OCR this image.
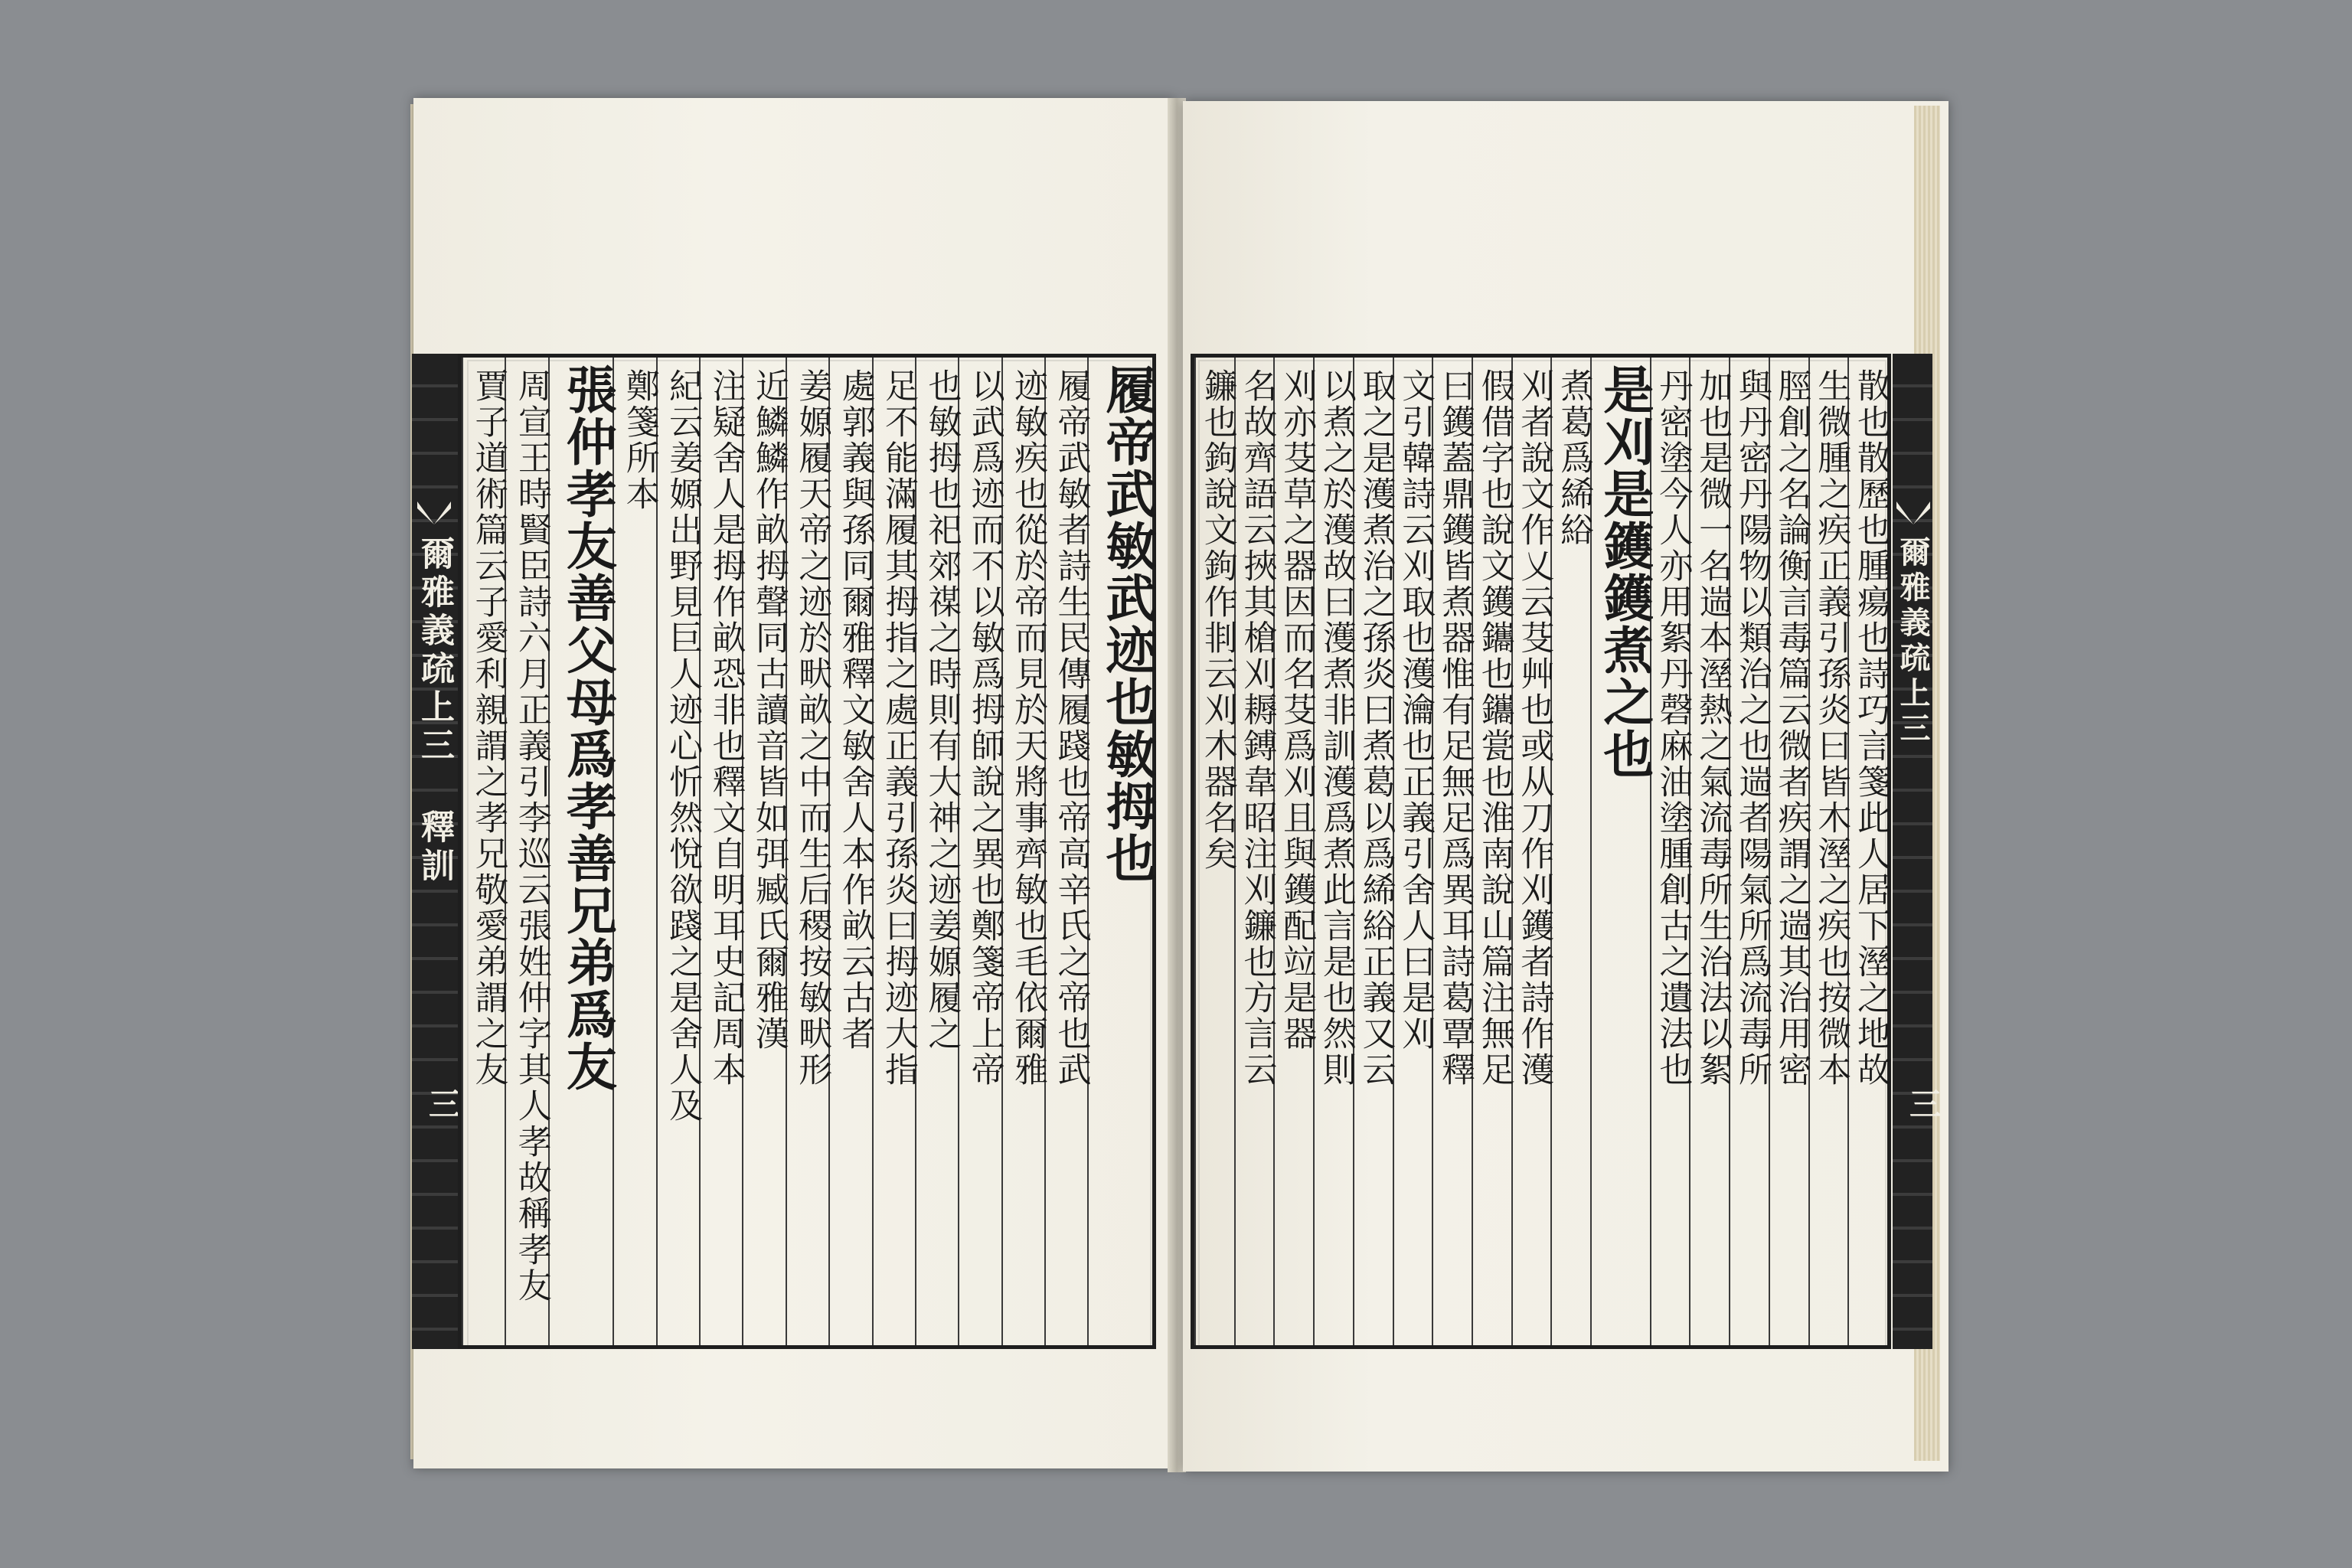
爾雅義疏上三 釋訓
三
履帝武敏武迹也敏拇也
履帝武敏者詩生民傳履踐也帝高辛氏之帝也武
迹敏疾也從於帝而見於天將事齊敏也毛依爾雅
以武爲迹而不以敏爲拇師說之異也鄭箋帝上帝
也敏拇也祀郊禖之時則有大神之迹姜嫄履之
足不能滿履其拇指之處正義引孫炎曰拇迹大指
處郭義與孫同爾雅釋文敏舍人本作畝云古者
姜嫄履天帝之迹於畎畝之中而生后稷按敏畎形
近鱗鱗作畝拇聲同古讀音皆如弭臧氏爾雅漢
注疑舍人是拇作畝恐非也釋文自明耳史記周本
紀云姜嫄出野見巨人迹心忻然悅欲踐之是舍人及
鄭箋所本
張仲孝友善父母爲孝善兄弟爲友
周宣王時賢臣詩六月正義引李巡云張姓仲字其人孝故稱孝友
賈子道術篇云子愛利親謂之孝兄敬愛弟謂之友	爾雅義疏上三
三
散也散歷也腫瘍也詩巧言箋此人居下溼之地故
生微腫之疾正義引孫炎曰皆木溼之疾也按微本
脛創之名論衡言毒篇云微者疾謂之遄其治用密
與丹密丹陽物以類治之也遄者陽氣所爲流毒所
加也是微一名遄本溼熱之氣流毒所生治法以絮
丹密塗今人亦用絮丹磬麻油塗腫創古之遺法也
是刈是鑊鑊煮之也
煮葛爲絺綌
刈者說文作乂云芟艸也或从刀作刈鑊者詩作濩
假借字也說文鑊鑴也鑴瓽也淮南說山篇注無足
曰鑊蓋鼎鑊皆煮器惟有足無足爲異耳詩葛覃釋
文引韓詩云刈取也濩瀹也正義引舍人曰是刈
取之是濩煮治之孫炎曰煮葛以爲絺綌正義又云
以煮之於濩故曰濩煮非訓濩爲煮此言是也然則
刈亦芟草之器因而名芟爲刈且與鑊配竝是器
名故齊語云挾其槍刈耨鎛韋昭注刈鐮也方言云
鐮也鉤說文鉤作剕云刈木器名矣
